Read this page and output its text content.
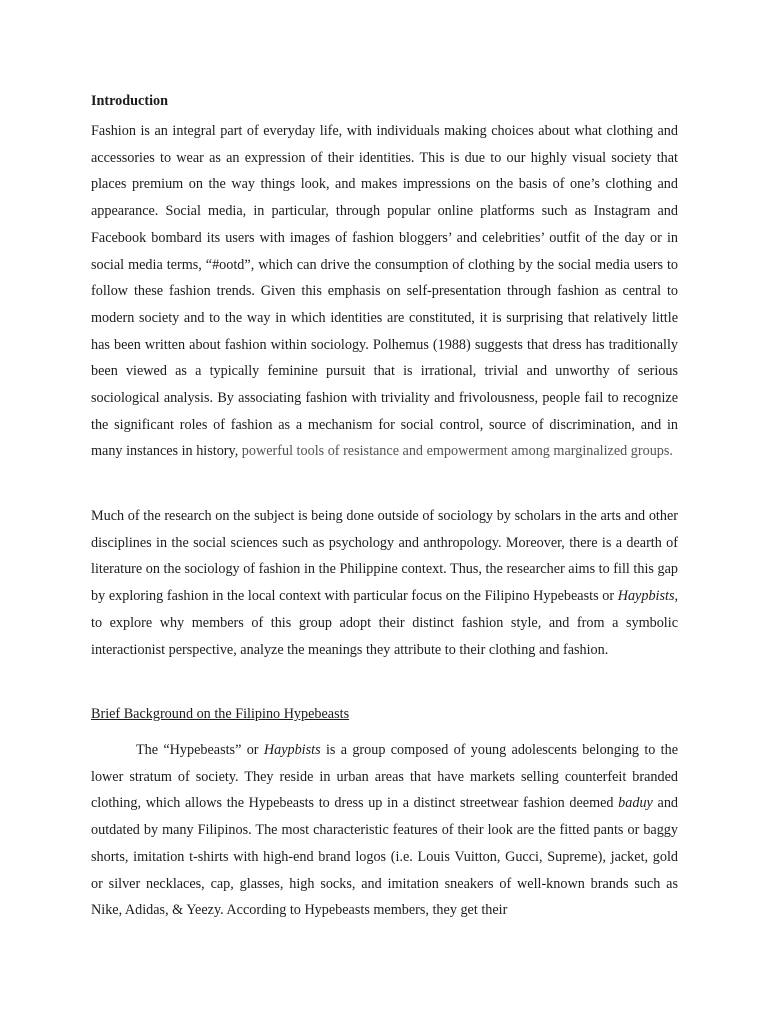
Introduction

Fashion is an integral part of everyday life, with individuals making choices about what clothing and accessories to wear as an expression of their identities. This is due to our highly visual society that places premium on the way things look, and makes impressions on the basis of one’s clothing and appearance. Social media, in particular, through popular online platforms such as Instagram and Facebook bombard its users with images of fashion bloggers’ and celebrities’ outfit of the day or in social media terms, “#ootd”, which can drive the consumption of clothing by the social media users to follow these fashion trends. Given this emphasis on self-presentation through fashion as central to modern society and to the way in which identities are constituted, it is surprising that relatively little has been written about fashion within sociology. Polhemus (1988) suggests that dress has traditionally been viewed as a typically feminine pursuit that is irrational, trivial and unworthy of serious sociological analysis. By associating fashion with triviality and frivolousness, people fail to recognize the significant roles of fashion as a mechanism for social control, source of discrimination, and in many instances in history, powerful tools of resistance and empowerment among marginalized groups.

Much of the research on the subject is being done outside of sociology by scholars in the arts and other disciplines in the social sciences such as psychology and anthropology. Moreover, there is a dearth of literature on the sociology of fashion in the Philippine context. Thus, the researcher aims to fill this gap by exploring fashion in the local context with particular focus on the Filipino Hypebeasts or Haypbists, to explore why members of this group adopt their distinct fashion style, and from a symbolic interactionist perspective, analyze the meanings they attribute to their clothing and fashion.

Brief Background on the Filipino Hypebeasts

The “Hypebeasts” or Haypbists is a group composed of young adolescents belonging to the lower stratum of society. They reside in urban areas that have markets selling counterfeit branded clothing, which allows the Hypebeasts to dress up in a distinct streetwear fashion deemed baduy and outdated by many Filipinos. The most characteristic features of their look are the fitted pants or baggy shorts, imitation t-shirts with high-end brand logos (i.e. Louis Vuitton, Gucci, Supreme), jacket, gold or silver necklaces, cap, glasses, high socks, and imitation sneakers of well-known brands such as Nike, Adidas, & Yeezy. According to Hypebeasts members, they get their
